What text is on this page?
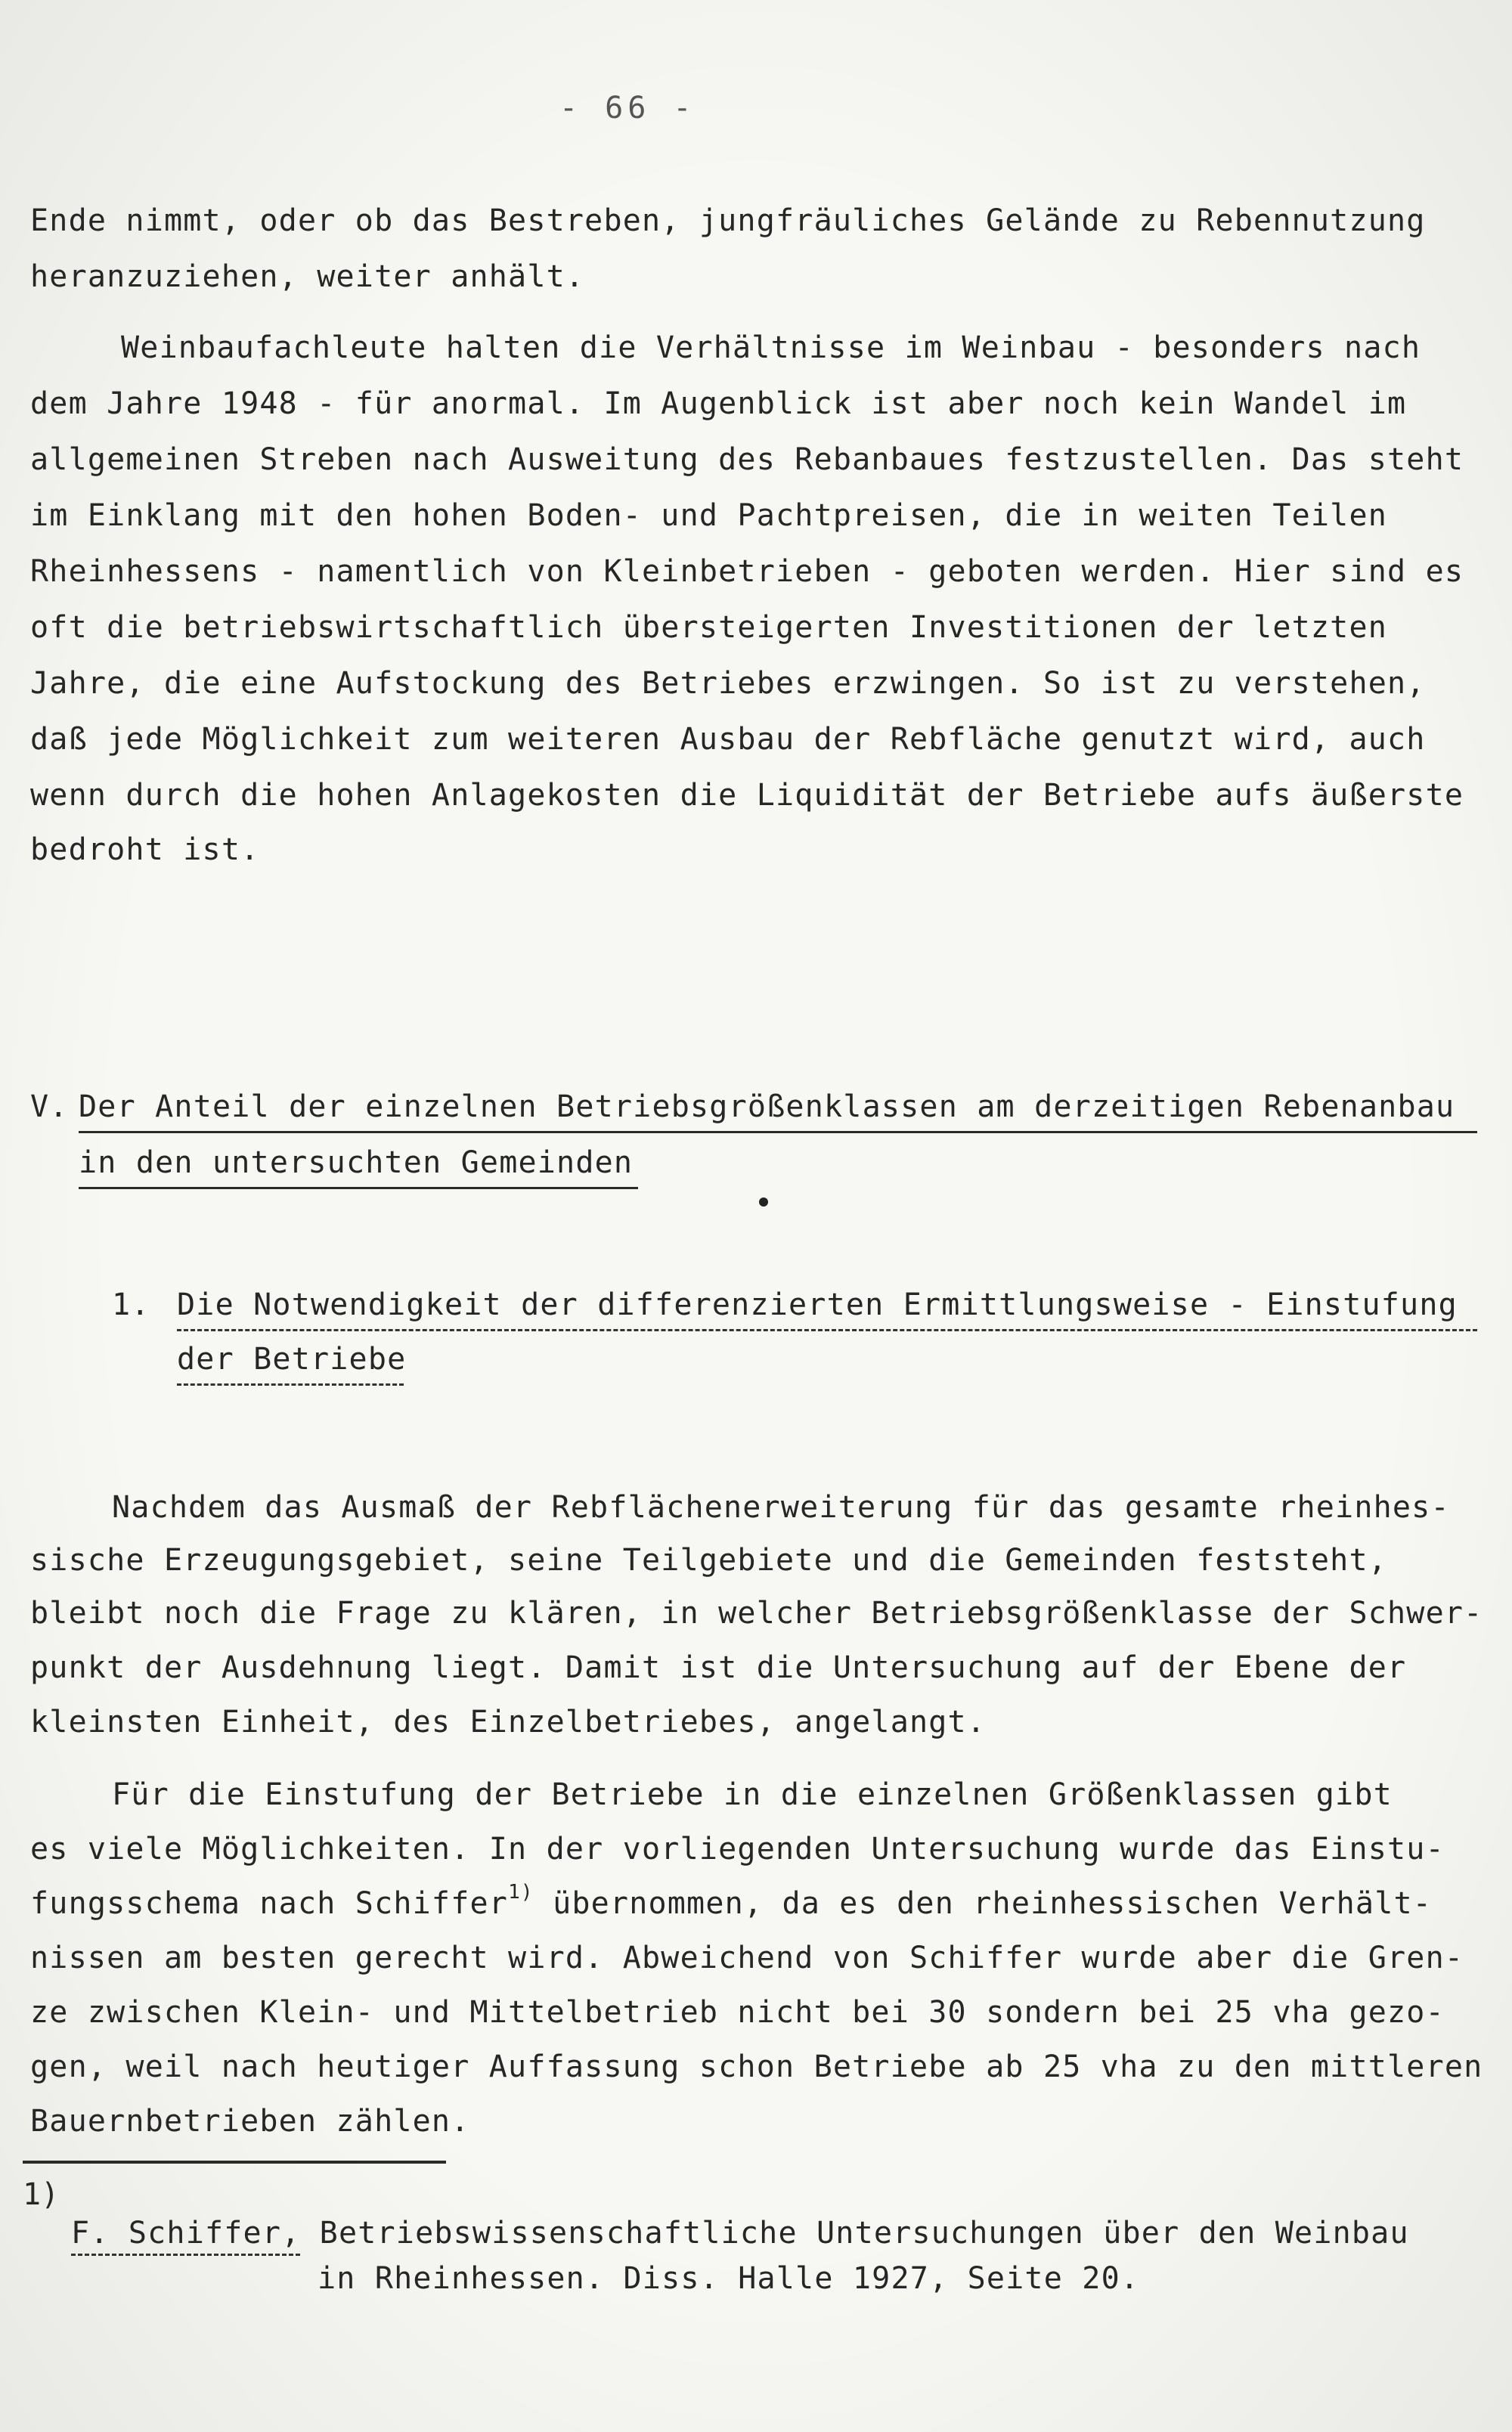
- 66 -
Ende nimmt, oder ob das Bestreben, jungfräuliches Gelände zu Rebennutzung
heranzuziehen, weiter anhält.
Weinbaufachleute halten die Verhältnisse im Weinbau - besonders nach
dem Jahre 1948 - für anormal. Im Augenblick ist aber noch kein Wandel im
allgemeinen Streben nach Ausweitung des Rebanbaues festzustellen. Das steht
im Einklang mit den hohen Boden- und Pachtpreisen, die in weiten Teilen
Rheinhessens - namentlich von Kleinbetrieben - geboten werden. Hier sind es
oft die betriebswirtschaftlich übersteigerten Investitionen der letzten
Jahre, die eine Aufstockung des Betriebes erzwingen. So ist zu verstehen,
daß jede Möglichkeit zum weiteren Ausbau der Rebfläche genutzt wird, auch
wenn durch die hohen Anlagekosten die Liquidität der Betriebe aufs äußerste
bedroht ist.
V. Der Anteil der einzelnen Betriebsgrößenklassen am derzeitigen Rebenanbau
in den untersuchten Gemeinden
1. Die Notwendigkeit der differenzierten Ermittlungsweise - Einstufung
der Betriebe
Nachdem das Ausmaß der Rebflächenerweiterung für das gesamte rheinhes-
sische Erzeugungsgebiet, seine Teilgebiete und die Gemeinden feststeht,
bleibt noch die Frage zu klären, in welcher Betriebsgrößenklasse der Schwer-
punkt der Ausdehnung liegt. Damit ist die Untersuchung auf der Ebene der
kleinsten Einheit, des Einzelbetriebes, angelangt.
Für die Einstufung der Betriebe in die einzelnen Größenklassen gibt
es viele Möglichkeiten. In der vorliegenden Untersuchung wurde das Einstu-
fungsschema nach Schiffer$^{1)}$ übernommen, da es den rheinhessischen Verhält-
nissen am besten gerecht wird. Abweichend von Schiffer wurde aber die Gren-
ze zwischen Klein- und Mittelbetrieb nicht bei 30 sondern bei 25 vha gezo-
gen, weil nach heutiger Auffassung schon Betriebe ab 25 vha zu den mittleren
Bauernbetrieben zählen.
1)
F. Schiffer, Betriebswissenschaftliche Untersuchungen über den Weinbau
in Rheinhessen. Diss. Halle 1927, Seite 20.
